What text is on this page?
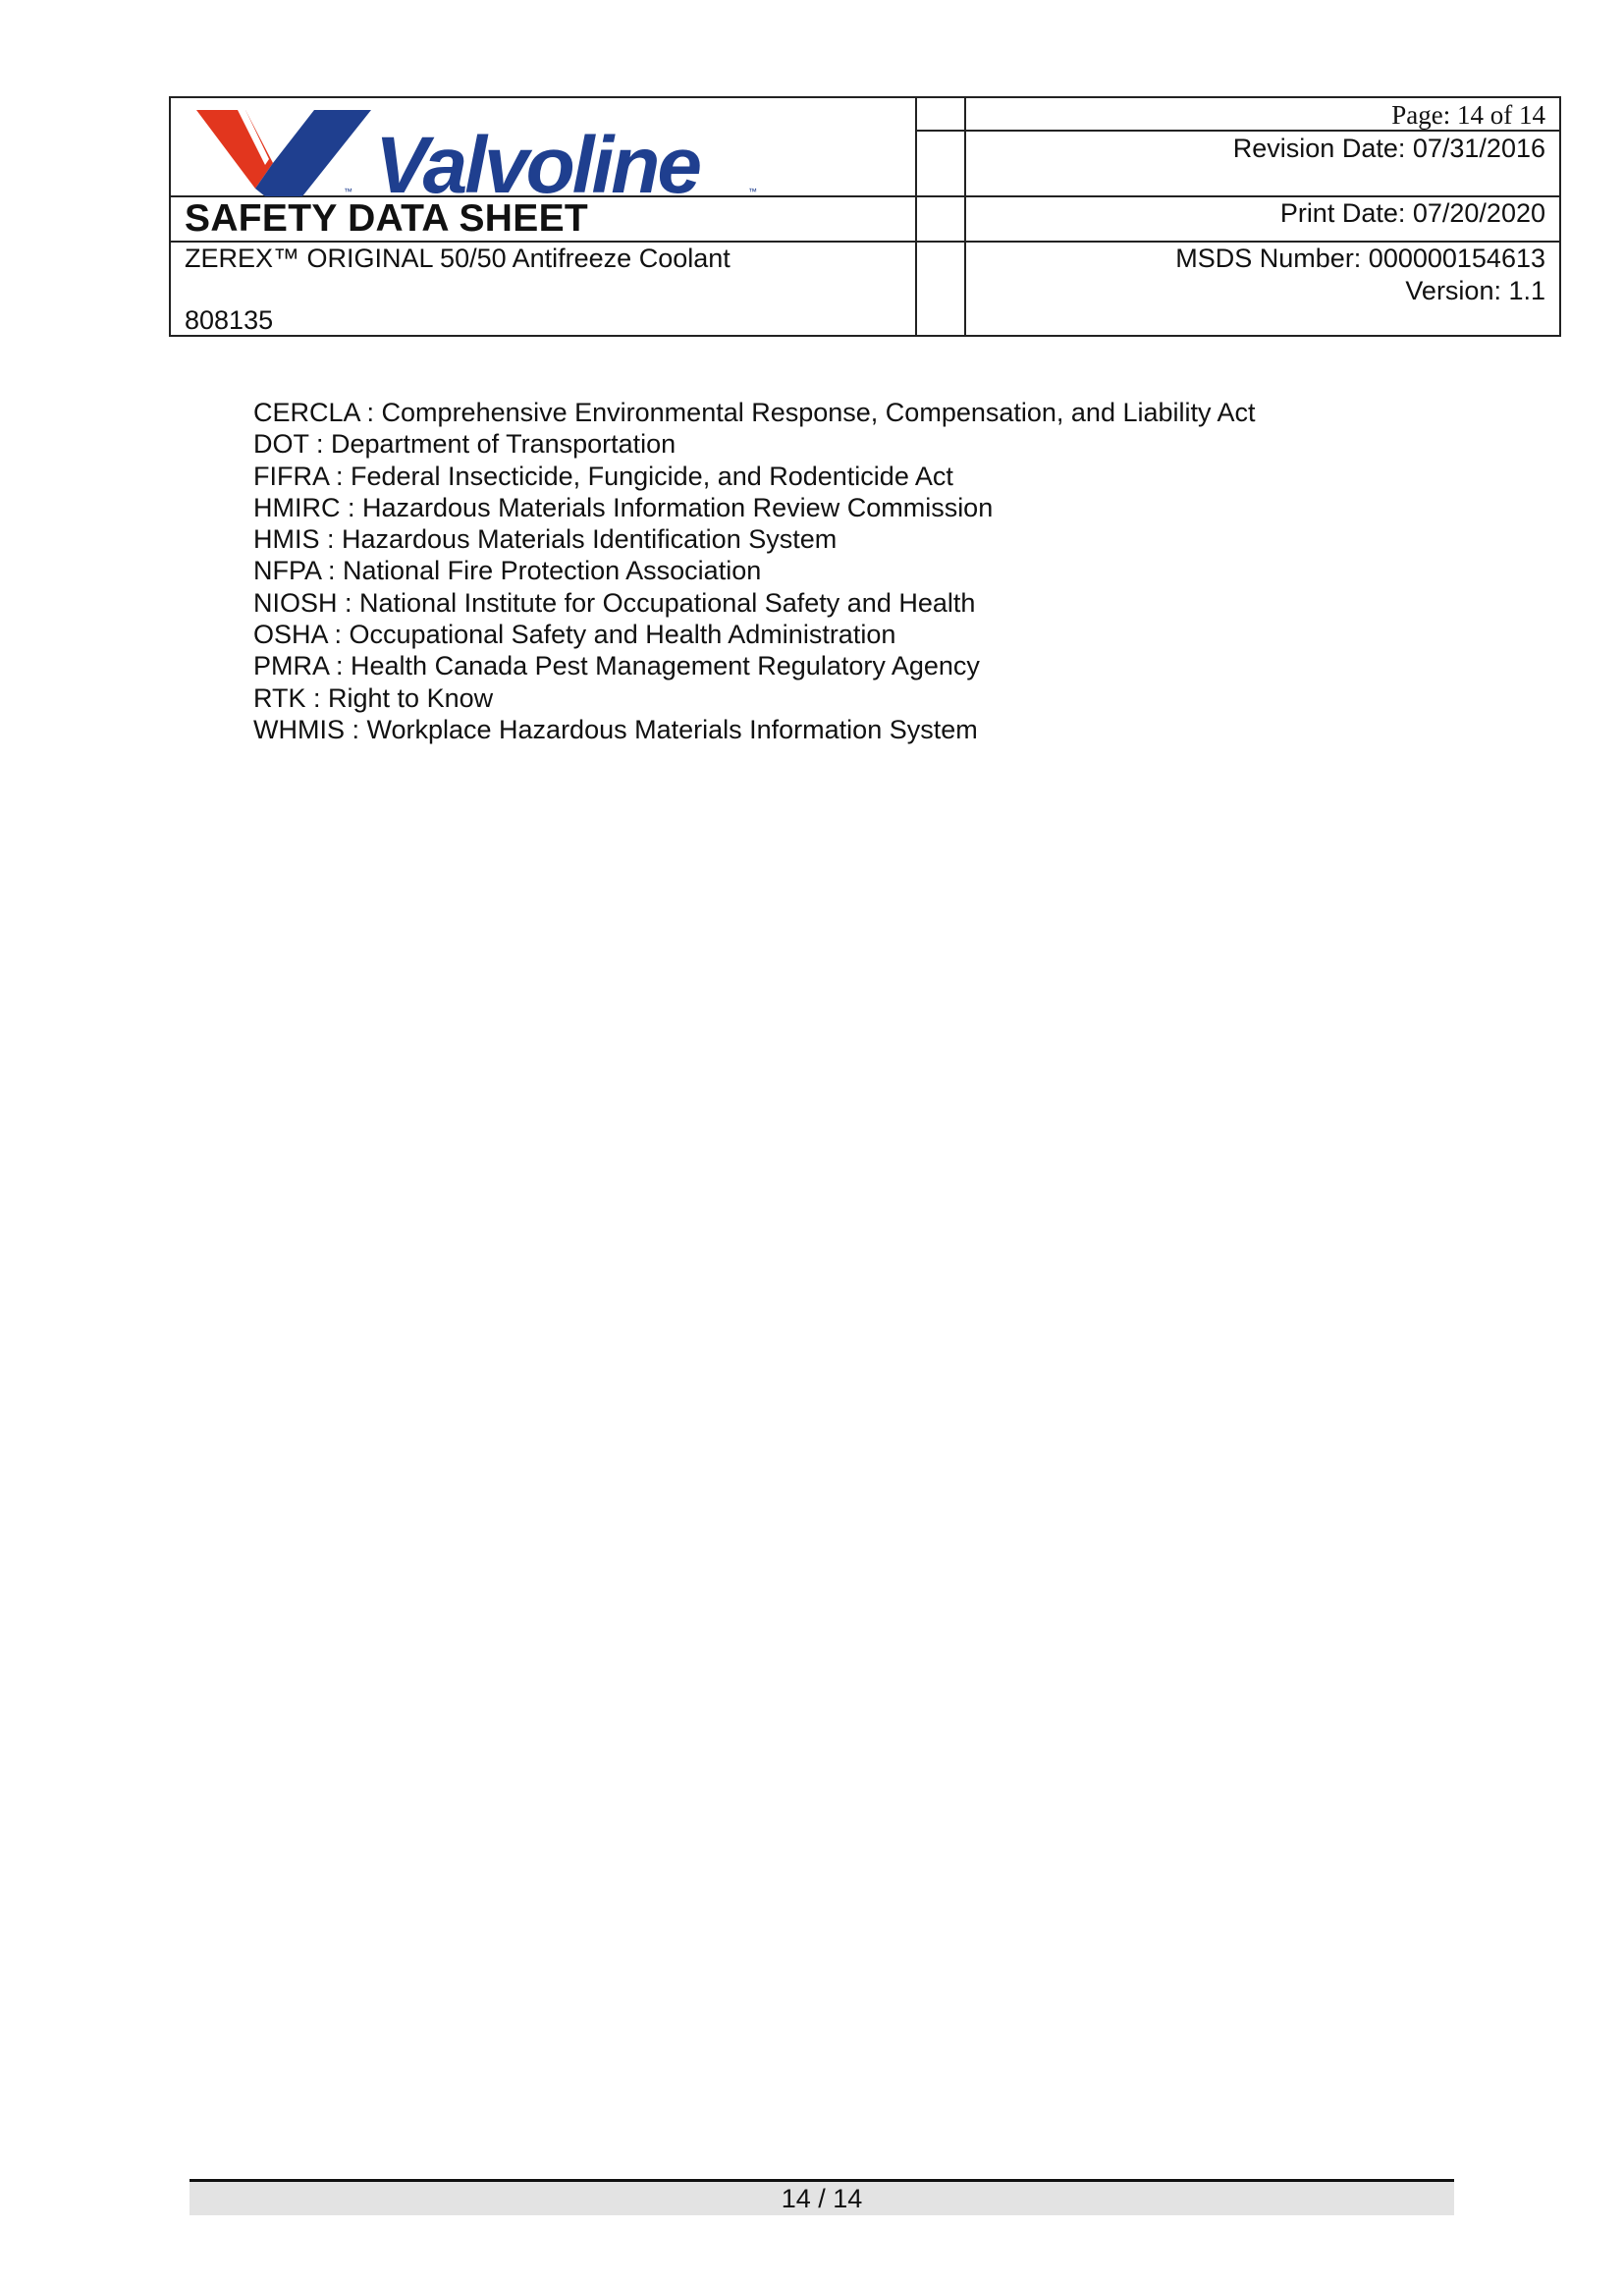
Valvoline	™
™
SAFETY DATA SHEET
ZEREX™ ORIGINAL 50/50 Antifreeze Coolant
808135
Page: 14 of 14
Revision Date: 07/31/2016
Print Date: 07/20/2020
MSDS Number: 000000154613
Version: 1.1
CERCLA : Comprehensive Environmental Response, Compensation, and Liability Act
DOT : Department of Transportation
FIFRA : Federal Insecticide, Fungicide, and Rodenticide Act
HMIRC : Hazardous Materials Information Review Commission
HMIS : Hazardous Materials Identification System
NFPA : National Fire Protection Association
NIOSH : National Institute for Occupational Safety and Health
OSHA : Occupational Safety and Health Administration
PMRA : Health Canada Pest Management Regulatory Agency
RTK : Right to Know
WHMIS : Workplace Hazardous Materials Information System
14 / 14
